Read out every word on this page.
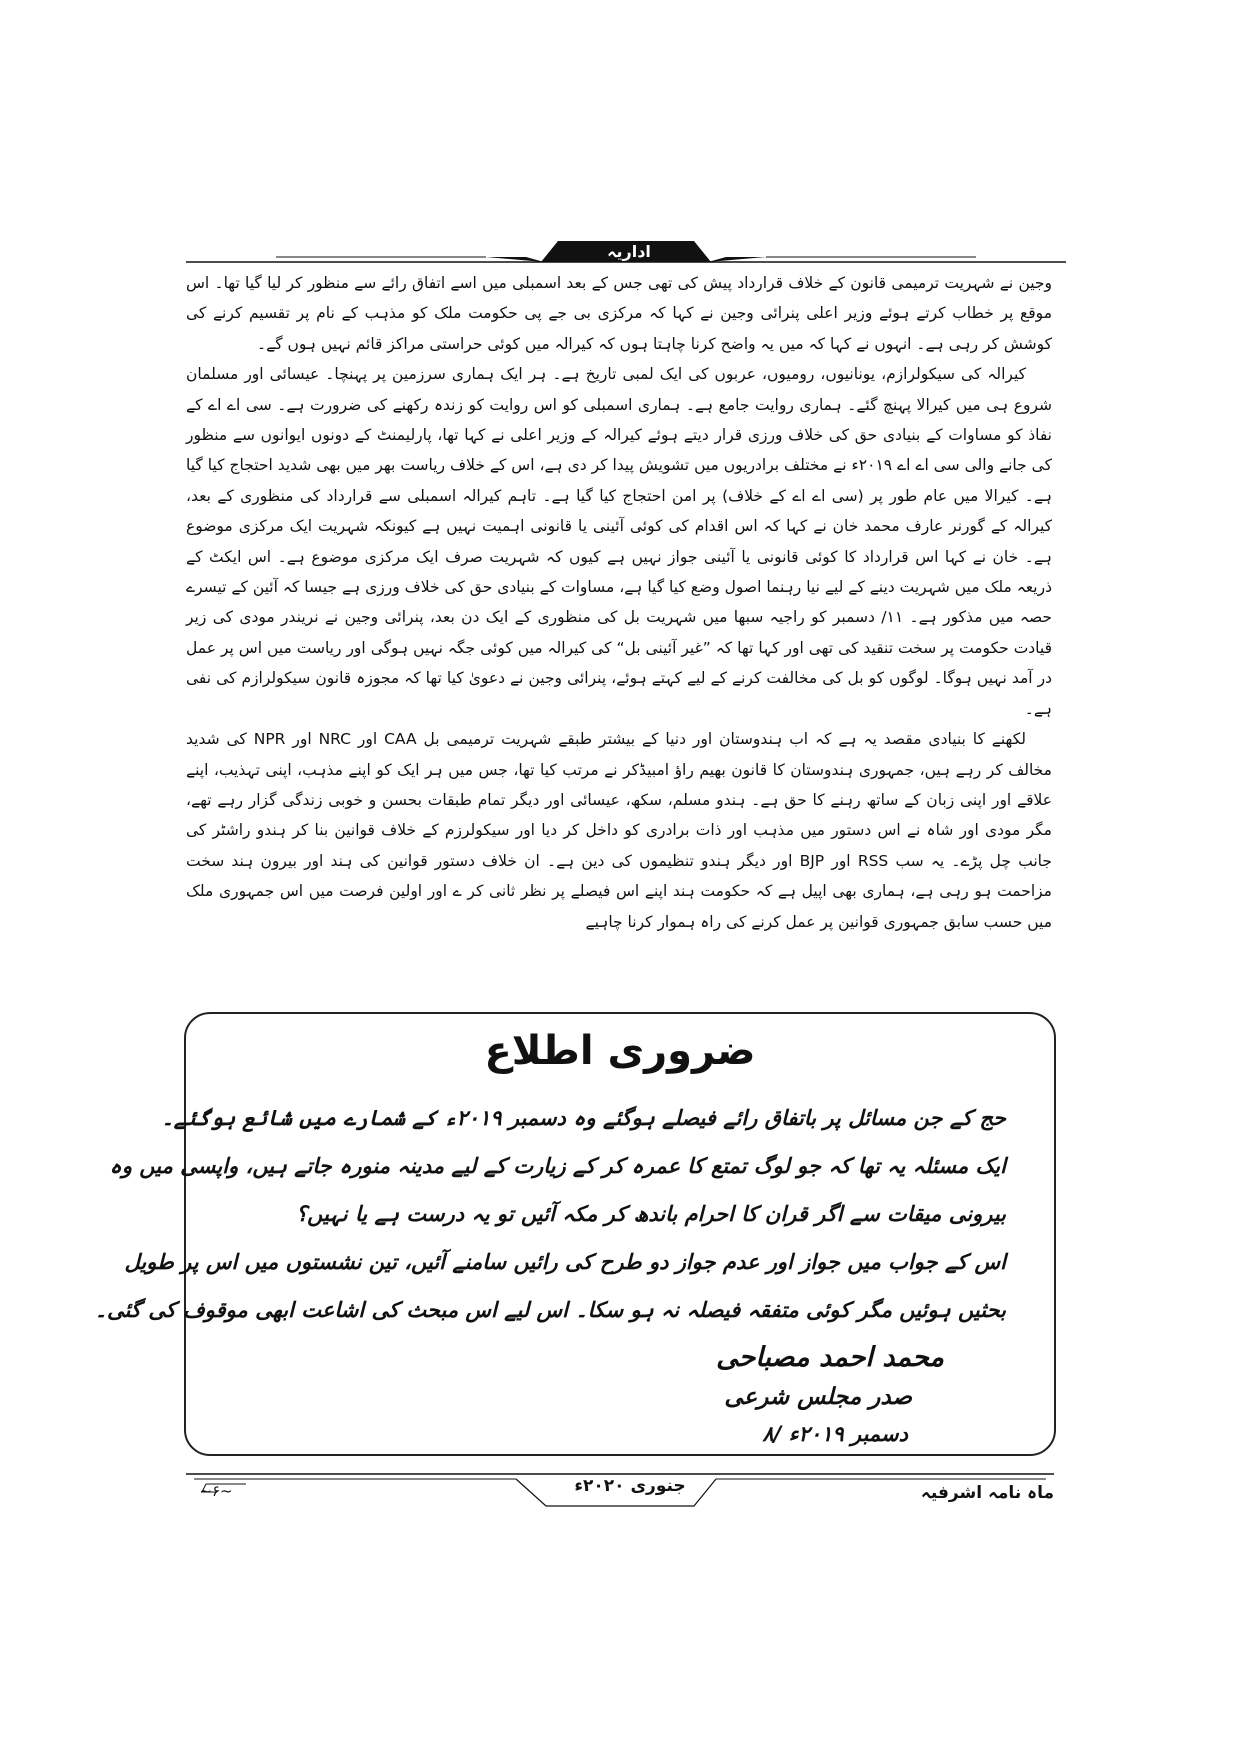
اداریہ

وجین نے شہریت ترمیمی قانون کے خلاف قرارداد پیش کی تھی جس کے بعد اسمبلی میں اسے اتفاق رائے سے منظور کر لیا گیا تھا۔ اس موقع پر خطاب کرتے ہوئے وزیر اعلی پنرائی وجین نے کہا کہ مرکزی بی جے پی حکومت ملک کو مذہب کے نام پر تقسیم کرنے کی کوشش کر رہی ہے۔ انہوں نے کہا کہ میں یہ واضح کرنا چاہتا ہوں کہ کیرالہ میں کوئی حراستی مراکز قائم نہیں ہوں گے۔

کیرالہ کی سیکولرازم، یونانیوں، رومیوں، عربوں کی ایک لمبی تاریخ ہے۔ ہر ایک ہماری سرزمین پر پہنچا۔ عیسائی اور مسلمان شروع ہی میں کیرالا پہنچ گئے۔ ہماری روایت جامع ہے۔ ہماری اسمبلی کو اس روایت کو زندہ رکھنے کی ضرورت ہے۔ سی اے اے کے نفاذ کو مساوات کے بنیادی حق کی خلاف ورزی قرار دیتے ہوئے کیرالہ کے وزیر اعلی نے کہا تھا، پارلیمنٹ کے دونوں ایوانوں سے منظور کی جانے والی سی اے اے ۲۰۱۹ء نے مختلف برادریوں میں تشویش پیدا کر دی ہے، اس کے خلاف ریاست بھر میں بھی شدید احتجاج کیا گیا ہے۔ کیرالا میں عام طور پر (سی اے اے کے خلاف) پر امن احتجاج کیا گیا ہے۔ تاہم کیرالہ اسمبلی سے قرارداد کی منظوری کے بعد، کیرالہ کے گورنر عارف محمد خان نے کہا کہ اس اقدام کی کوئی آئینی یا قانونی اہمیت نہیں ہے کیونکہ شہریت ایک مرکزی موضوع ہے۔ خان نے کہا اس قرارداد کا کوئی قانونی یا آئینی جواز نہیں ہے کیوں کہ شہریت صرف ایک مرکزی موضوع ہے۔ اس ایکٹ کے ذریعہ ملک میں شہریت دینے کے لیے نیا رہنما اصول وضع کیا گیا ہے، مساوات کے بنیادی حق کی خلاف ورزی ہے جیسا کہ آئین کے تیسرے حصہ میں مذکور ہے۔ ۱۱/ دسمبر کو راجیہ سبھا میں شہریت بل کی منظوری کے ایک دن بعد، پنرائی وجین نے نریندر مودی کی زیر قیادت حکومت پر سخت تنقید کی تھی اور کہا تھا کہ ”غیر آئینی بل“ کی کیرالہ میں کوئی جگہ نہیں ہوگی اور ریاست میں اس پر عمل در آمد نہیں ہوگا۔ لوگوں کو بل کی مخالفت کرنے کے لیے کہتے ہوئے، پنرائی وجین نے دعویٰ کیا تھا کہ مجوزہ قانون سیکولرازم کی نفی ہے۔

لکھنے کا بنیادی مقصد یہ ہے کہ اب ہندوستان اور دنیا کے بیشتر طبقے شہریت ترمیمی بل CAA اور NRC اور NPR کی شدید مخالف کر رہے ہیں، جمہوری ہندوستان کا قانون بھیم راؤ امبیڈکر نے مرتب کیا تھا، جس میں ہر ایک کو اپنے مذہب، اپنی تہذیب، اپنے علاقے اور اپنی زبان کے ساتھ رہنے کا حق ہے۔ ہندو مسلم، سکھ، عیسائی اور دیگر تمام طبقات بحسن و خوبی زندگی گزار رہے تھے، مگر مودی اور شاہ نے اس دستور میں مذہب اور ذات برادری کو داخل کر دیا اور سیکولرزم کے خلاف قوانین بنا کر ہندو راشٹر کی جانب چل پڑے۔ یہ سب RSS اور BJP اور دیگر ہندو تنظیموں کی دین ہے۔ ان خلاف دستور قوانین کی ہند اور بیرون ہند سخت مزاحمت ہو رہی ہے، ہماری بھی اپیل ہے کہ حکومت ہند اپنے اس فیصلے پر نظر ثانی کر ے اور اولین فرصت میں اس جمہوری ملک میں حسب سابق جمہوری قوانین پر عمل کرنے کی راہ ہموار کرنا چاہیے

ضروری اطلاع

حج کے جن مسائل پر باتفاق رائے فیصلے ہوگئے وہ دسمبر ۲۰۱۹ء کے شمارے میں شائع ہوگئے۔

ایک مسئلہ یہ تھا کہ جو لوگ تمتع کا عمرہ کر کے زیارت کے لیے مدینہ منورہ جاتے ہیں، واپسی میں وہ

بیرونی میقات سے اگر قران کا احرام باندھ کر مکہ آئیں تو یہ درست ہے یا نہیں؟

اس کے جواب میں جواز اور عدم جواز دو طرح کی رائیں سامنے آئیں، تین نشستوں میں اس پر طویل

بحثیں ہوئیں مگر کوئی متفقہ فیصلہ نہ ہو سکا۔ اس لیے اس مبحث کی اشاعت ابھی موقوف کی گئی۔

محمد احمد مصباحی
صدر مجلس شرعی
۸/ دسمبر ۲۰۱۹ء
ماہ نامہ اشرفیہ
جنوری ۲۰۲۰ء
~۶~
